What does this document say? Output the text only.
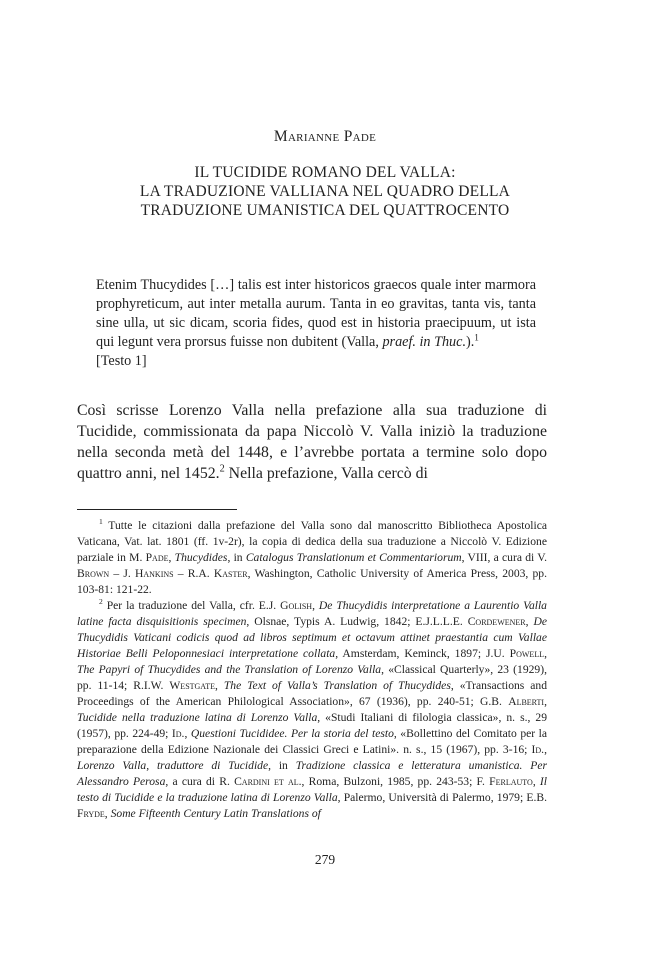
Marianne Pade
IL TUCIDIDE ROMANO DEL VALLA:
LA TRADUZIONE VALLIANA NEL QUADRO DELLA
TRADUZIONE UMANISTICA DEL QUATTROCENTO

Etenim Thucydides […] talis est inter historicos graecos quale inter marmora prophyreticum, aut inter metalla aurum. Tanta in eo gravitas, tanta vis, tanta sine ulla, ut sic dicam, scoria fides, quod est in historia praecipuum, ut ista qui legunt vera prorsus fuisse non dubitent (Valla, praef. in Thuc.).$^1$

[Testo 1]

Così scrisse Lorenzo Valla nella prefazione alla sua traduzione di Tucidide, commissionata da papa Niccolò V. Valla iniziò la traduzione nella seconda metà del 1448, e l’avrebbe portata a termine solo dopo quattro anni, nel 1452.$^2$ Nella prefazione, Valla cercò di

$^1$ Tutte le citazioni dalla prefazione del Valla sono dal manoscritto Bibliotheca Apostolica Vaticana, Vat. lat. 1801 (ff. 1v-2r), la copia di dedica della sua traduzione a Niccolò V. Edizione parziale in M. Pade, Thucydides, in Catalogus Translationum et Commentariorum, VIII, a cura di V. Brown – J. Hankins – R.A. Kaster, Washington, Catholic University of America Press, 2003, pp. 103-81: 121-22.

$^2$ Per la traduzione del Valla, cfr. E.J. Golish, De Thucydidis interpretatione a Laurentio Valla latine facta disquisitionis specimen, Olsnae, Typis A. Ludwig, 1842; E.J.L.L.E. Cordewener, De Thucydidis Vaticani codicis quod ad libros septimum et octavum attinet praestantia cum Vallae Historiae Belli Peloponnesiaci interpretatione collata, Amsterdam, Keminck, 1897; J.U. Powell, The Papyri of Thucydides and the Translation of Lorenzo Valla, «Classical Quarterly», 23 (1929), pp. 11-14; R.I.W. Westgate, The Text of Valla’s Translation of Thucydides, «Transactions and Proceedings of the American Philological Association», 67 (1936), pp. 240-51; G.B. Alberti, Tucidide nella traduzione latina di Lorenzo Valla, «Studi Italiani di filologia classica», n. s., 29 (1957), pp. 224-49; Id., Questioni Tucididee. Per la storia del testo, «Bollettino del Comitato per la preparazione della Edizione Nazionale dei Classici Greci e Latini». n. s., 15 (1967), pp. 3-16; Id., Lorenzo Valla, traduttore di Tucidide, in Tradizione classica e letteratura umanistica. Per Alessandro Perosa, a cura di R. Cardini et al., Roma, Bulzoni, 1985, pp. 243-53; F. Ferlauto, Il testo di Tucidide e la traduzione latina di Lorenzo Valla, Palermo, Università di Palermo, 1979; E.B. Fryde, Some Fifteenth Century Latin Translations of

279
